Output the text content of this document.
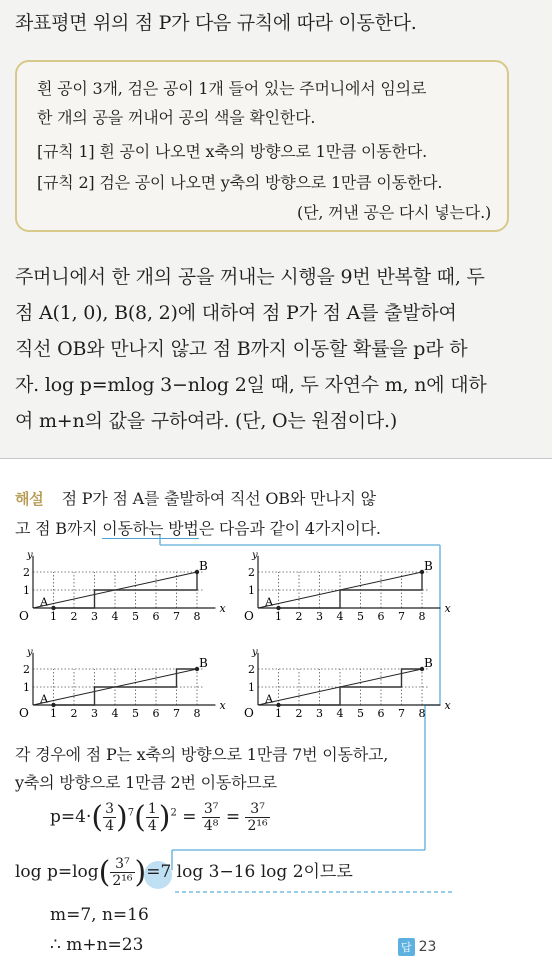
좌표평면 위의 점 P가 다음 규칙에 따라 이동한다.
흰 공이 3개, 검은 공이 1개 들어 있는 주머니에서 임의로
한 개의 공을 꺼내어 공의 색을 확인한다.
[규칙 1] 흰 공이 나오면 x축의 방향으로 1만큼 이동한다.
[규칙 2] 검은 공이 나오면 y축의 방향으로 1만큼 이동한다.
(단, 꺼낸 공은 다시 넣는다.)
주머니에서 한 개의 공을 꺼내는 시행을 9번 반복할 때, 두
점 A(1, 0), B(8, 2)에 대하여 점 P가 점 A를 출발하여
직선 OB와 만나지 않고 점 B까지 이동할 확률을 p라 하
자. log p=mlog 3−nlog 2일 때, 두 자연수 m, n에 대하
여 m+n의 값을 구하여라. (단, O는 원점이다.)
해설 점 P가 점 A를 출발하여 직선 OB와 만나지 않
고 점 B까지 이동하는 방법은 다음과 같이 4가지이다.
y
x
O 1 2 3 4 5 6 7 8
1
2
A
B
y
x
O 1 2 3 4 5 6 7 8
1
2
A
B
y
x
O 1 2 3 4 5 6 7 8
1
2
A
B
y
x
O 1 2 3 4 5 6 7 8
1
2
A
B
각 경우에 점 P는 x축의 방향으로 1만큼 7번 이동하고,
y축의 방향으로 1만큼 2번 이동하므로
$p=4\cdot( \frac{3}{4} )^7( \frac{1}{4} )^2 = \frac{\text{3⁷}}{\text{4⁸}} = \frac{\text{3⁷}}{\text{2¹⁶}}$
$\log p=\log( \frac{\text{3⁷}}{\text{2¹⁶}} )=7$ log 3−16 log 2이므로
m=7, n=16
∴ m+n=23	답 23
